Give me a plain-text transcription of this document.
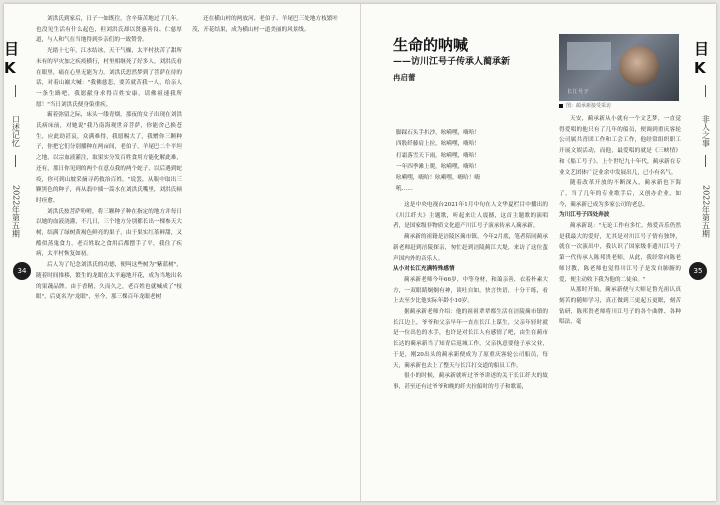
目K
口述记忆
2022年第五期
34

刘洪氏到家后，日子一如既往，含辛茹苦地过了几年。也没见生活有什么起色，但刘洪氏却以贤惠善良、仁慈厚道，与人和气在当地得到乡亲们的一致赞誉。

光绪十七年，江水结冰，天干气燥，太平村扶苦了甜所未有的早灾加之疾疫横行，村里相继死了好多人。刘洪氏看在眼里，痛在心里无能为力。刘洪氏思然梦到了菩萨在待的话，对着山巅大喊："我佛慈悲，要苦就苦我一人，给亲人一条生路吧，我愿献身求得百姓安康，请佛祖速我所愿！"当日刘洪氏便身染重疾。

霸着弥留之际，床头一缕青烟，那夜的女子出现在刘洪氏病床前，对她说"我乃南海观世音菩萨，你能舍己换苍生，应此劫甚哀，众满难得，我愿赐大了，我赠你三颗种子，你把它们分别播种在两亩间，老伯子，羊尾巴二个平坦之地，以宗血液灌注，取果实分发百姓食用方能化解此难，还有，那日你见到的两个在意点我的两个蛇子，以后遇到蛇疫，你可到山坡采摘寻药救治百姓。"说罢，从瓶中取出三颗黑色的种子，再从翡中插一篙水在刘洪氏嘴里，刘洪氏顿时痊愈。

刘洪氏按菩萨吩咐，将三颗种子种在指定的地方并每日以她的血液浇灌，不几日，三个地方分别都长出一棵参天大树，结满了绿树黄褐色鲜亮的果子，由于果实红茶鲜甜，又酷似蒸鬼食力，老百姓取之食用后都摆手了平，我住了疾病，太平村恢复如初。

后人为了纪念刘洪氏的功德，便叫这些树为"紫蓝树"，随着时间推移，繁生的龙眼在太平遍地开花，成为当地出名的果蔬品牌。由于香精，久而久之，老百姓也就喊成了"枝眼"，后更名为"龙眼"，至今，那三棵百年龙眼老树

还在横山村的两放河、老伯子、羊尾巴三处地方枝繁叶茂，开花结果，成为横山村一道美丽的风景线。

目K
非人之事
2022年第五期
35
生命的呐喊
——访川江号子传承人蔺承新
冉启蕾
脚踩石头手扒沙，吆嗬嘿，嗨哈！
四股纤藤肩上拉，吆嗬嘿，嗨哈！
打霜落雪天下雨，吆嗬嘿，嗨哈！
一年四季滩上爬，吆嗬嘿，嗨哈！
吆嗬嘿，嗨哈！吆嗬嘿，嗨哈！嗨
吼……

这是中央电视台2021年1月中旬在人文华夏栏目中播出的《川江纤夫》主题歌，听起来让人震撼，这首主题歌的演唱者，是国家级非物质文化遗产川江号子演承传承人蔺承新。

蔺承新的祖籍是涪陵区蔺市镇。今年2月底，笔者陪同蔺承新老师赶到涪陵探亲，匆忙赶到涪陵蔺江大堤，来访了这位蜚声国内外的音乐人。

从小对长江充满特殊感情

蔺承新老师今年66岁，中等身材，和蔼亲善，衣着朴素大方，一双眼睛炯炯有神，谈吐自如，快言快语，十分干练，看上去至少比他实际年龄小10岁。

据蔺承新老师介绍：他的祖祖辈辈都生活在涪陵蔺市镇的长江边上，爷爷和父亲早年一直在长江上谋生，父亲年轻时就是一位出色的水手，也许是对长江人有感情了吧，由生在蔺市长达的蔺承新当了知青后返城工作，父亲执意要他子承父业，于是，刚20出头的蔺承新便成为了原重庆客轮公司船员，每天，蔺承新也去上了整天与长江打交道的船员工作。

很小的时候，蔺承新就听过爷爷讲述的关于长江纤夫的故事，甚至还有过爷爷和晚的纤夫拉船时的号子和歌谣，

长江号子
图：蔺承新接受采访

天安，蔺承新从小就有一个文艺梦，一直觉得爱唱的他只有了几年的船员，便调到重庆客轮公司属共青团工作和工会工作，他经常组织职工开展文娱活动，而他，最爱唱的就是《三峡情》和《船工号子》。上个世纪九十年代，蔺承新在专业文艺团体广泛业余中发展出几，已小有名气。

随着改革开放的不断深入，蔺承新也下海了，当了几年的专业歌手后，又创办企业，如今，蔺承新已成为多家公司的老总。

为川江号子四处奔波

蔺承新说："无论工作有多忙，热爱音乐仍然是我最大的爱好，尤其是对川江号子情有独钟，就在一次演出中，我认识了国家级非遗川江号子第一代传承人陈邦贵老师，从此，我经常向陈老师讨教，陈老师也觉得川江号子是发自肺腑的爱，便主动收下我为他的二徒弟。"

从那时开始，蔺承新便与大师足鲁光祖认真刻苦的随师学习，真正做到三更起五更眠，刻苦钻研，陈邦贵老师将川江号子的各个曲牌、各种唱法，毫
